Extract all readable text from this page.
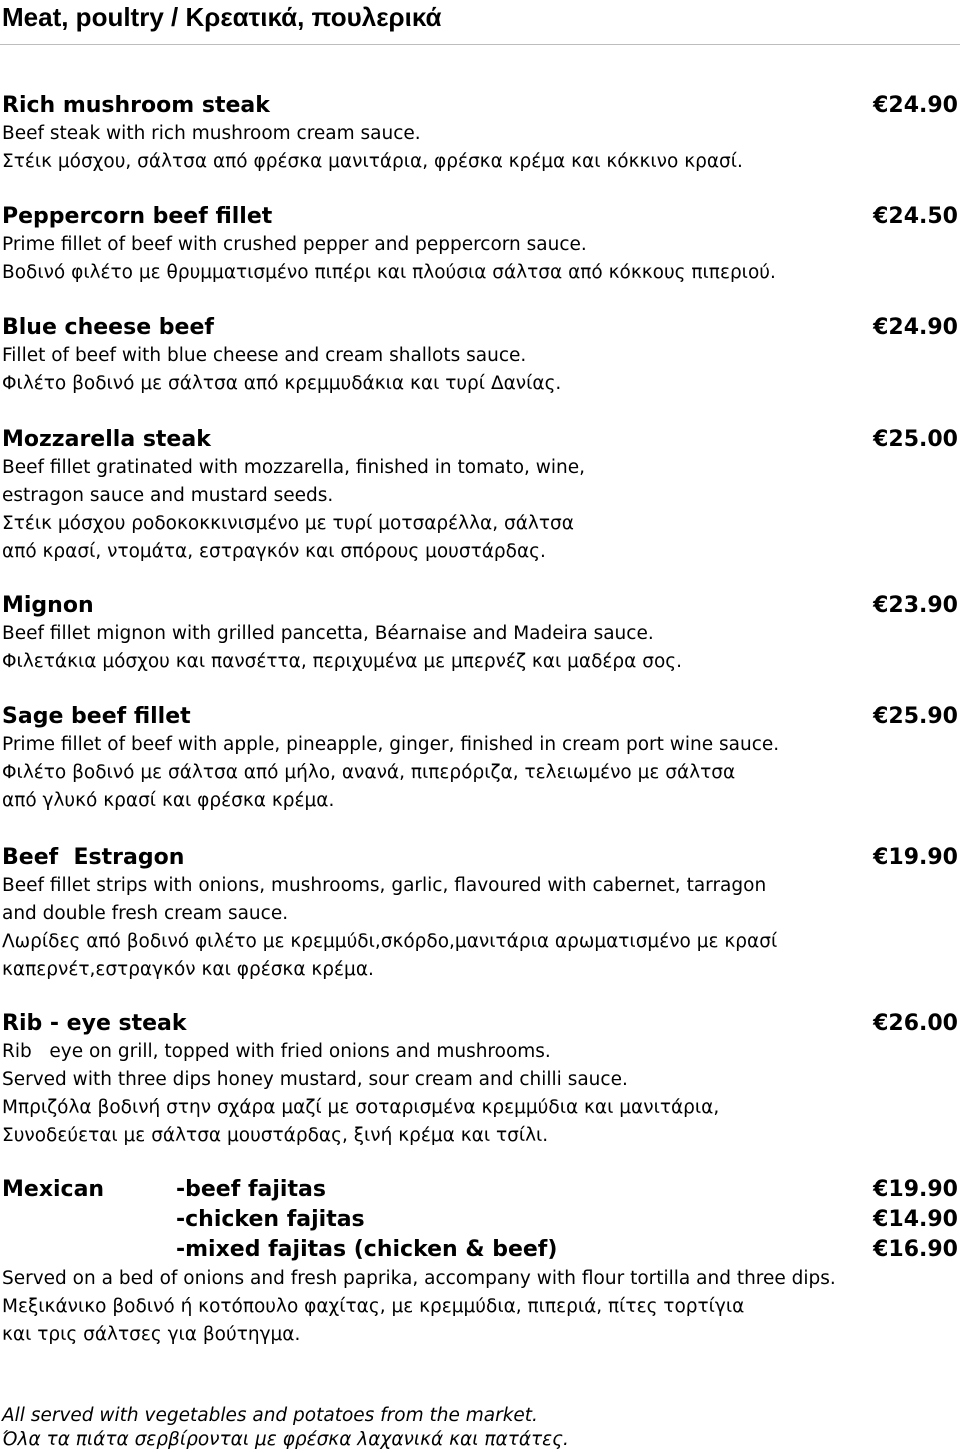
Meat, poultry / Κρεατικά, πουλερικά
Rich mushroom steak	€24.90
Beef steak with rich mushroom cream sauce.
Στέικ μόσχου, σάλτσα από φρέσκα μανιτάρια, φρέσκα κρέμα και κόκκινο κρασί.
Peppercorn beef fillet	€24.50
Prime fillet of beef with crushed pepper and peppercorn sauce.
Βοδινό φιλέτο με θρυμματισμένο πιπέρι και πλούσια σάλτσα από κόκκους πιπεριού.
Blue cheese beef	€24.90
Fillet of beef with blue cheese and cream shallots sauce.
Φιλέτο βοδινό με σάλτσα από κρεμμυδάκια και τυρί Δανίας.
Mozzarella steak	€25.00
Beef fillet gratinated with mozzarella, finished in tomato, wine,
estragon sauce and mustard seeds.
Στέικ μόσχου ροδοκοκκινισμένο με τυρί μοτσαρέλλα, σάλτσα
από κρασί, ντομάτα, εστραγκόν και σπόρους μουστάρδας.
Mignon	€23.90
Beef fillet mignon with grilled pancetta, Béarnaise and Madeira sauce.
Φιλετάκια μόσχου και πανσέττα, περιχυμένα με μπερνέζ και μαδέρα σος.
Sage beef fillet	€25.90
Prime fillet of beef with apple, pineapple, ginger, finished in cream port wine sauce.
Φιλέτο βοδινό με σάλτσα από μήλο, ανανά, πιπερόριζα, τελειωμένο με σάλτσα
από γλυκό κρασί και φρέσκα κρέμα.
Beef  Estragon	€19.90
Beef fillet strips with onions, mushrooms, garlic, flavoured with cabernet, tarragon
and double fresh cream sauce.
Λωρίδες από βοδινό φιλέτο με κρεμμύδι,σκόρδο,μανιτάρια αρωματισμένο με κρασί
καπερνέτ,εστραγκόν και φρέσκα κρέμα.
Rib - eye steak	€26.00
Rib   eye on grill, topped with fried onions and mushrooms.
Served with three dips honey mustard, sour cream and chilli sauce.
Μπριζόλα βοδινή στην σχάρα μαζί με σοταρισμένα κρεμμύδια και μανιτάρια,
Συνοδεύεται με σάλτσα μουστάρδας, ξινή κρέμα και τσίλι.
Mexican	-beef fajitas	€19.90
-chicken fajitas	€14.90
-mixed fajitas (chicken & beef)	€16.90
Served on a bed of onions and fresh paprika, accompany with flour tortilla and three dips.
Μεξικάνικο βοδινό ή κοτόπουλο φαχίτας, με κρεμμύδια, πιπεριά, πίτες τορτίγια
και τρις σάλτσες για βούτηγμα.
All served with vegetables and potatoes from the market.
Όλα τα πιάτα σερβίρονται με φρέσκα λαχανικά και πατάτες.
